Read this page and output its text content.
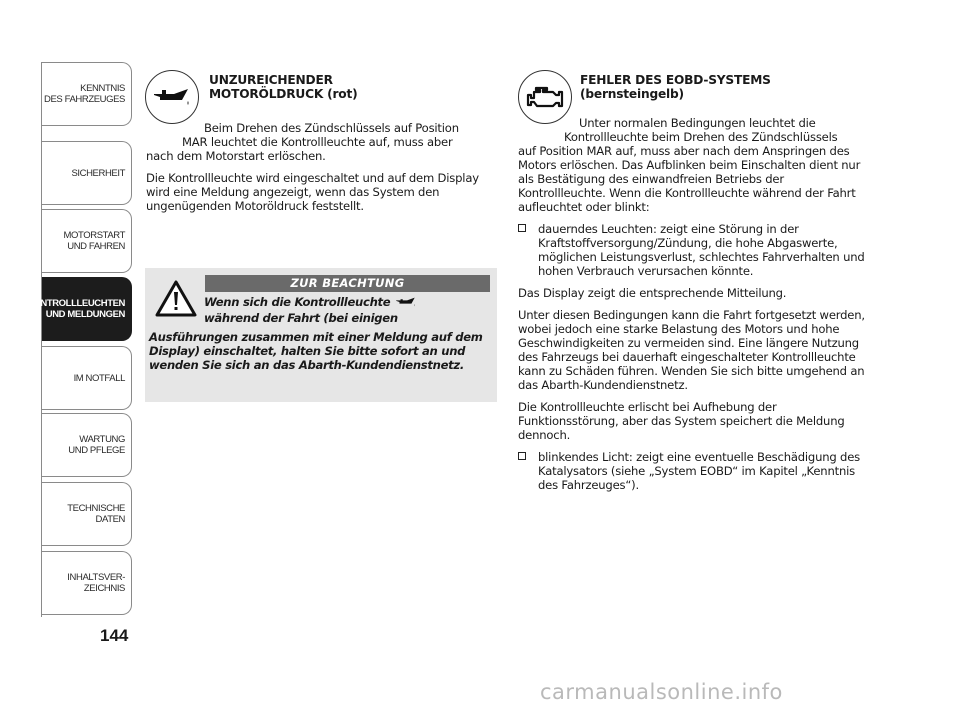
KENNTNIS
DES FAHRZEUGES
SICHERHEIT
MOTORSTART
UND FAHREN
KONTROLLLEUCHTEN
UND MELDUNGEN
IM NOTFALL
WARTUNG
UND PFLEGE
TECHNISCHE
DATEN
INHALTSVER-
ZEICHNIS
144
UNZUREICHENDER
MOTORÖLDRUCK (rot)

Beim Drehen des Zündschlüssels auf Position

MAR leuchtet die Kontrollleuchte auf, muss aber

nach dem Motorstart erlöschen.

Die Kontrollleuchte wird eingeschaltet und auf dem Display wird eine Meldung angezeigt, wenn das System den ungenügenden Motoröldruck feststellt.

ZUR BEACHTUNG
Wenn sich die Kontrollleuchte
während der Fahrt (bei einigen
Ausführungen zusammen mit einer Meldung auf dem Display) einschaltet, halten Sie bitte sofort an und wenden Sie sich an das Abarth-Kundendienstnetz.
FEHLER DES EOBD-SYSTEMS
(bernsteingelb)

Unter normalen Bedingungen leuchtet die

Kontrollleuchte beim Drehen des Zündschlüssels

auf Position MAR auf, muss aber nach dem Anspringen des Motors erlöschen. Das Aufblinken beim Einschalten dient nur als Bestätigung des einwandfreien Betriebs der Kontrollleuchte. Wenn die Kontrollleuchte während der Fahrt aufleuchtet oder blinkt:

dauerndes Leuchten: zeigt eine Störung in der Kraftstoffversorgung/Zündung, die hohe Abgaswerte, möglichen Leistungsverlust, schlechtes Fahrverhalten und hohen Verbrauch verursachen könnte.

Das Display zeigt die entsprechende Mitteilung.

Unter diesen Bedingungen kann die Fahrt fortgesetzt werden, wobei jedoch eine starke Belastung des Motors und hohe Geschwindigkeiten zu vermeiden sind. Eine längere Nutzung des Fahrzeugs bei dauerhaft eingeschalteter Kontrollleuchte kann zu Schäden führen. Wenden Sie sich bitte umgehend an das Abarth-Kundendienstnetz.

Die Kontrollleuchte erlischt bei Aufhebung der Funktionsstörung, aber das System speichert die Meldung dennoch.

blinkendes Licht: zeigt eine eventuelle Beschädigung des Katalysators (siehe „System EOBD“ im Kapitel „Kenntnis des Fahrzeuges“).

carmanualsonline.info
